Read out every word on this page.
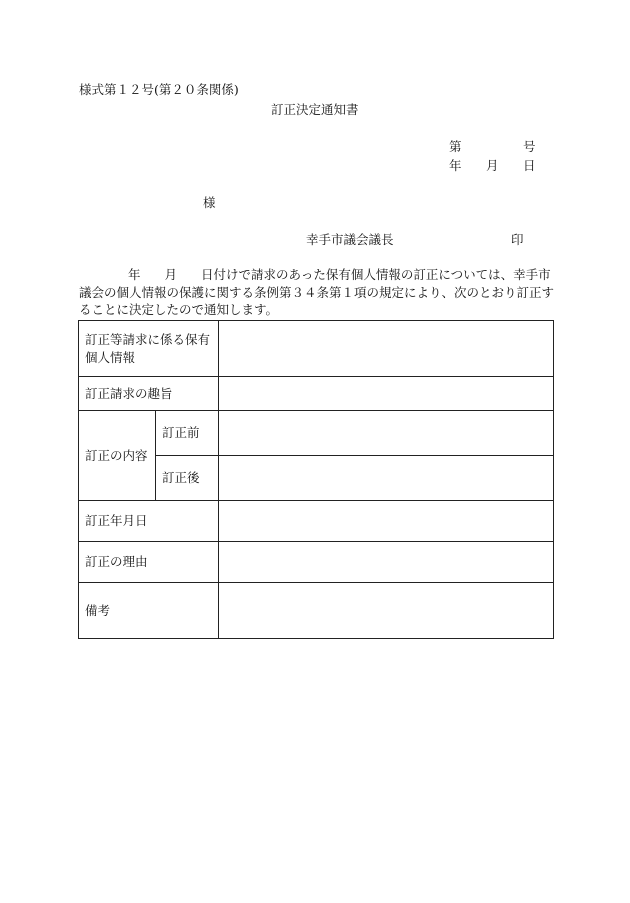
様式第１２号(第２０条関係)
訂正決定通知書
第	号
年 月 日
様
幸手市議会議長	印
年 月 日付けで請求のあった保有個人情報の訂正については、幸手市
議会の個人情報の保護に関する条例第３４条第１項の規定により、次のとおり訂正す
ることに決定したので通知します。
訂正等請求に係る保有個人情報		
訂正請求の趣旨		
訂正の内容	訂正前	
	訂正後	
訂正年月日		
訂正の理由		
備考		
